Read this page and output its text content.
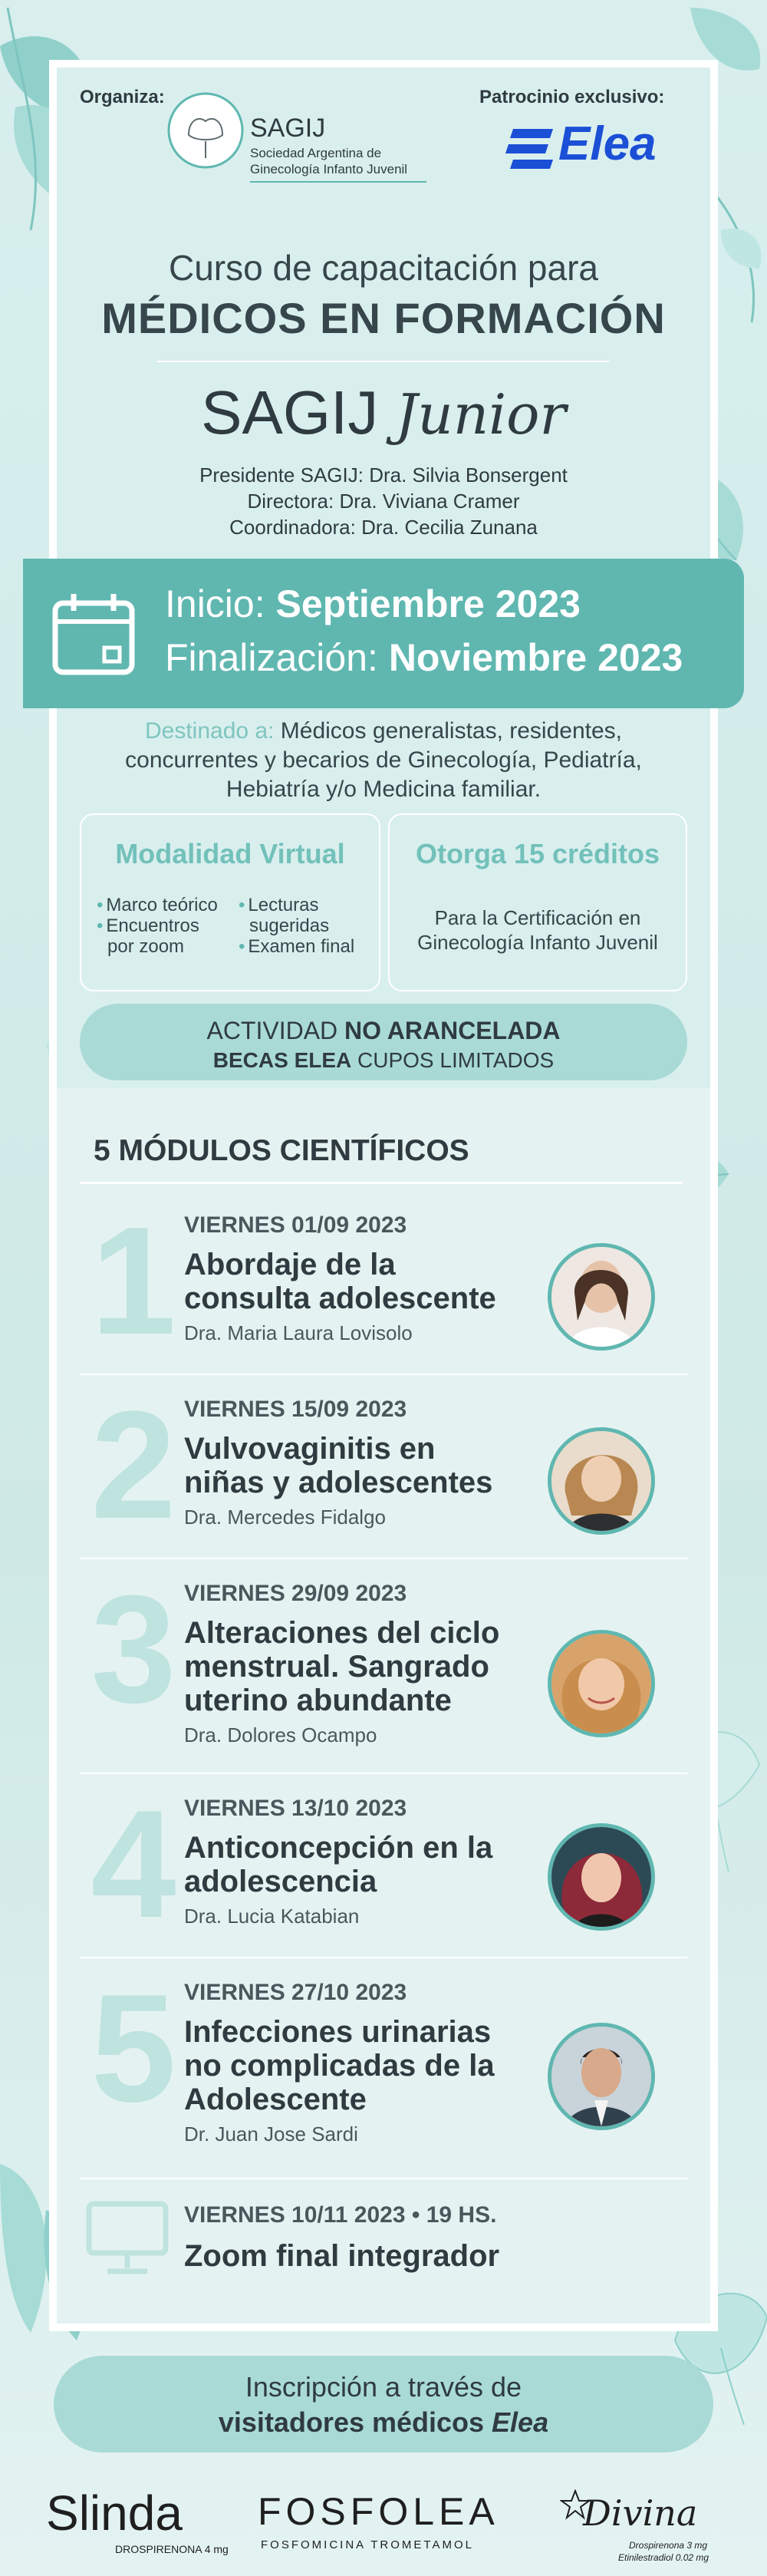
Organiza:
SAGIJ
Sociedad Argentina de
Ginecología Infanto Juvenil
Patrocinio exclusivo:
Elea
Curso de capacitación para
MÉDICOS EN FORMACIÓN
SAGIJ Junior
Presidente SAGIJ: Dra. Silvia Bonsergent
Directora: Dra. Viviana Cramer
Coordinadora: Dra. Cecilia Zunana
Inicio: Septiembre 2023
Finalización: Noviembre 2023
Destinado a: Médicos generalistas, residentes,
concurrentes y becarios de Ginecología, Pediatría,
Hebiatría y/o Medicina familiar.
Modalidad Virtual
• Marco teórico
• Encuentros
por zoom
• Lecturas
sugeridas
• Examen final
Otorga 15 créditos
Para la Certificación en
Ginecología Infanto Juvenil
ACTIVIDAD NO ARANCELADA
BECAS ELEA CUPOS LIMITADOS
5 MÓDULOS CIENTÍFICOS
1 VIERNES 01/09 2023
Abordaje de la
consulta adolescente
Dra. Maria Laura Lovisolo
2 VIERNES 15/09 2023
Vulvovaginitis en
niñas y adolescentes
Dra. Mercedes Fidalgo
3 VIERNES 29/09 2023
Alteraciones del ciclo
menstrual. Sangrado
uterino abundante
Dra. Dolores Ocampo
4 VIERNES 13/10 2023
Anticoncepción en la
adolescencia
Dra. Lucia Katabian
5 VIERNES 27/10 2023
Infecciones urinarias
no complicadas de la
Adolescente
Dr. Juan Jose Sardi
VIERNES 10/11 2023 • 19 HS.
Zoom final integrador
Inscripción a través de
visitadores médicos Elea
Slinda
DROSPIRENONA 4 mg
FOSFOLEA
FOSFOMICINA TROMETAMOL
Divina
Drospirenona 3 mg
Etinilestradiol 0.02 mg
